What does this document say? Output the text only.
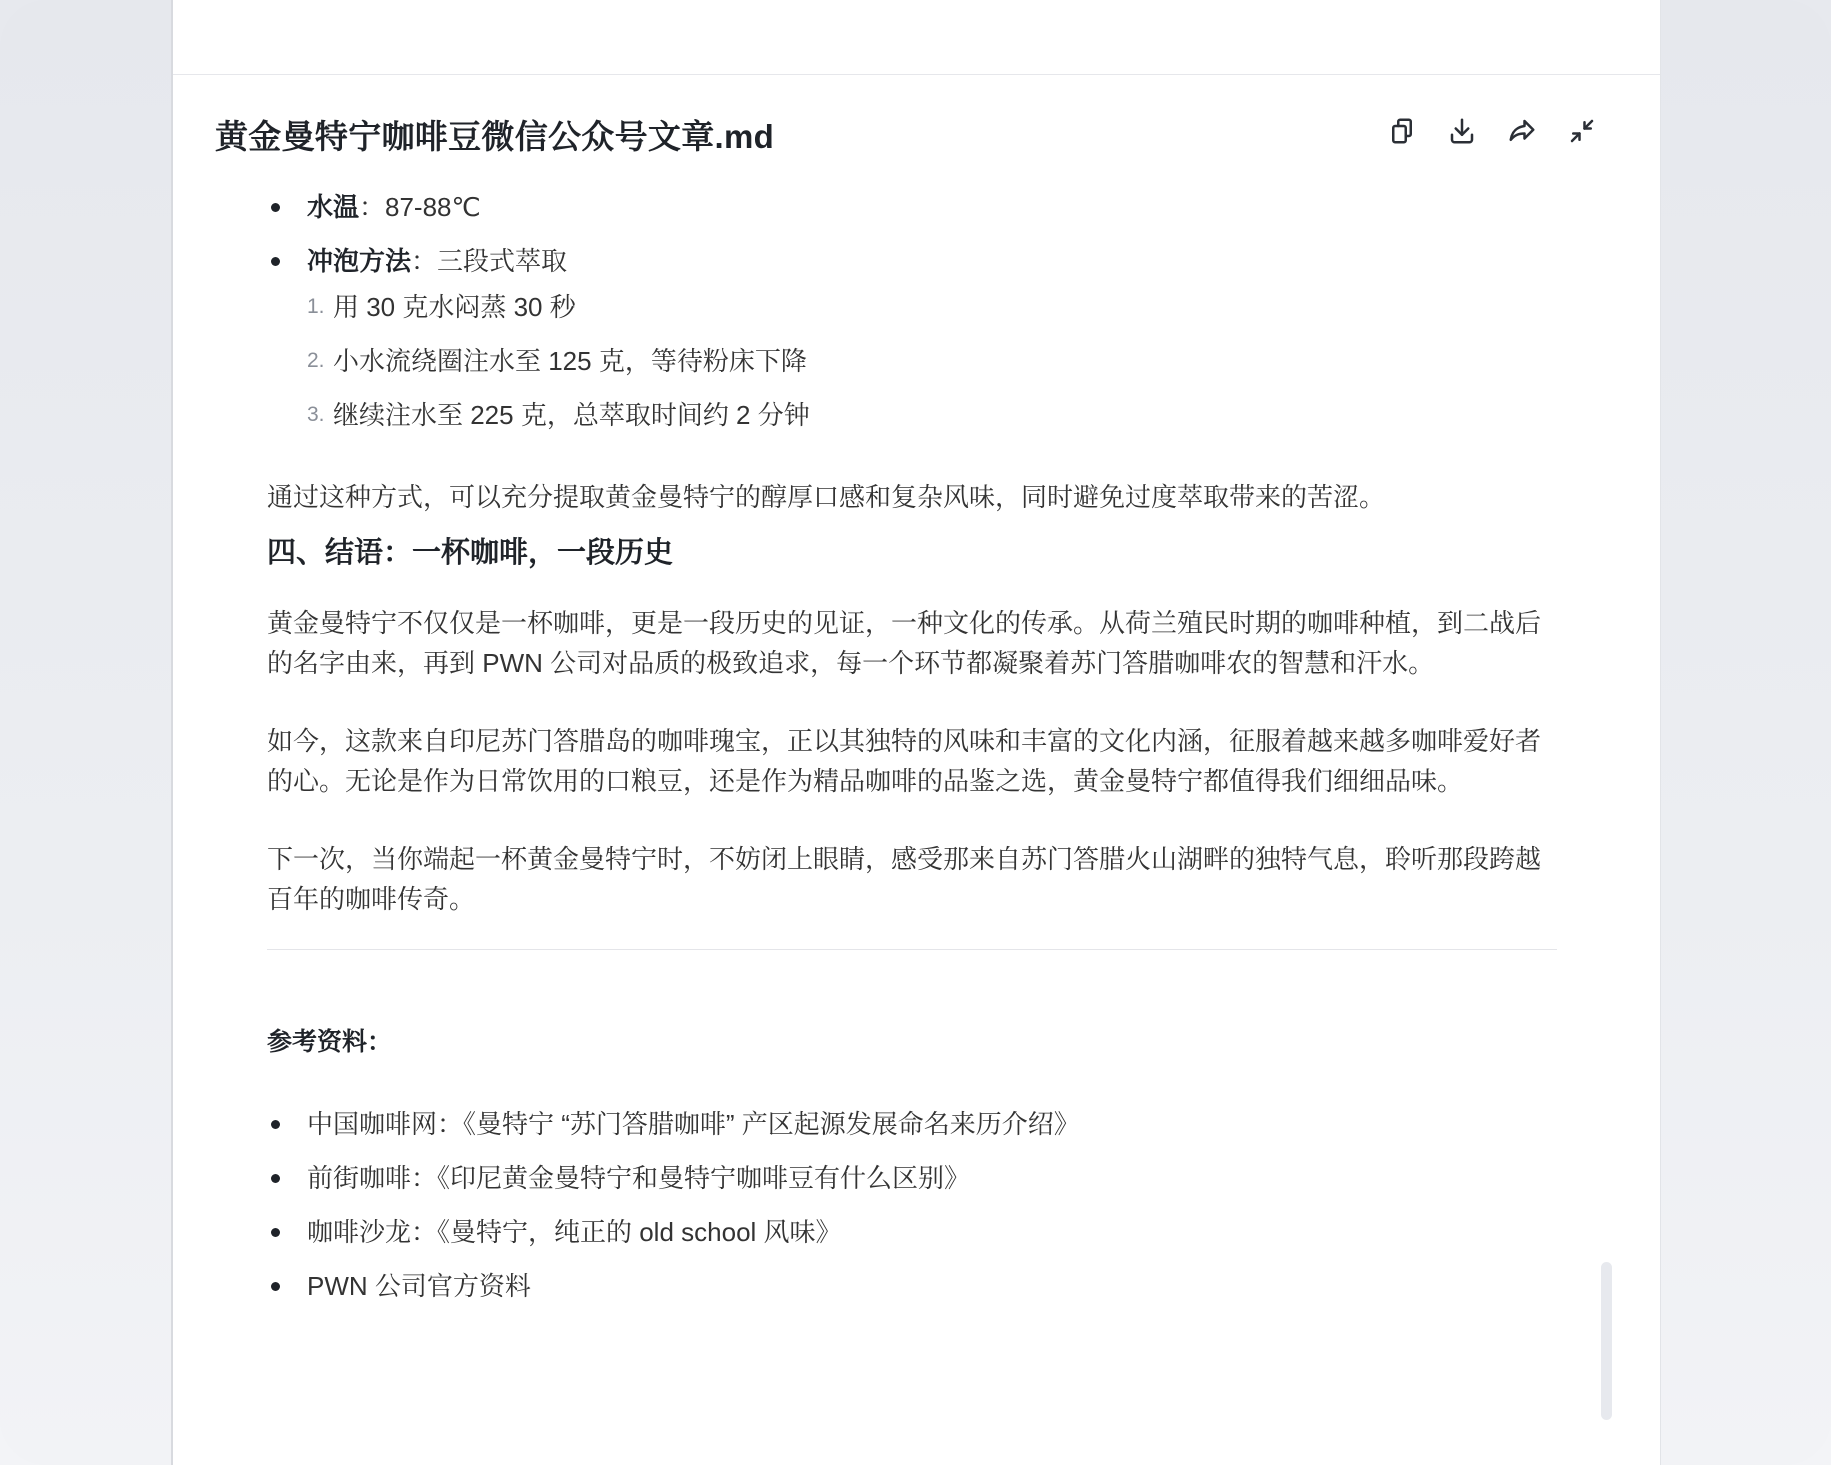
黄金曼特宁咖啡豆微信公众号文章.md
水温：87-88℃
冲泡方法：三段式萃取
1. 用 30 克水闷蒸 30 秒
2. 小水流绕圈注水至 125 克，等待粉床下降
3. 继续注水至 225 克，总萃取时间约 2 分钟

通过这种方式，可以充分提取黄金曼特宁的醇厚口感和复杂风味，同时避免过度萃取带来的苦涩。

四、结语：一杯咖啡，一段历史

黄金曼特宁不仅仅是一杯咖啡，更是一段历史的见证，一种文化的传承。从荷兰殖民时期的咖啡种植，到二战后的名字由来，再到 PWN 公司对品质的极致追求，每一个环节都凝聚着苏门答腊咖啡农的智慧和汗水。

如今，这款来自印尼苏门答腊岛的咖啡瑰宝，正以其独特的风味和丰富的文化内涵，征服着越来越多咖啡爱好者的心。无论是作为日常饮用的口粮豆，还是作为精品咖啡的品鉴之选，黄金曼特宁都值得我们细细品味。

下一次，当你端起一杯黄金曼特宁时，不妨闭上眼睛，感受那来自苏门答腊火山湖畔的独特气息，聆听那段跨越百年的咖啡传奇。

参考资料：

中国咖啡网：《曼特宁 “苏门答腊咖啡” 产区起源发展命名来历介绍》
前街咖啡：《印尼黄金曼特宁和曼特宁咖啡豆有什么区别》
咖啡沙龙：《曼特宁，纯正的 old school 风味》
PWN 公司官方资料
